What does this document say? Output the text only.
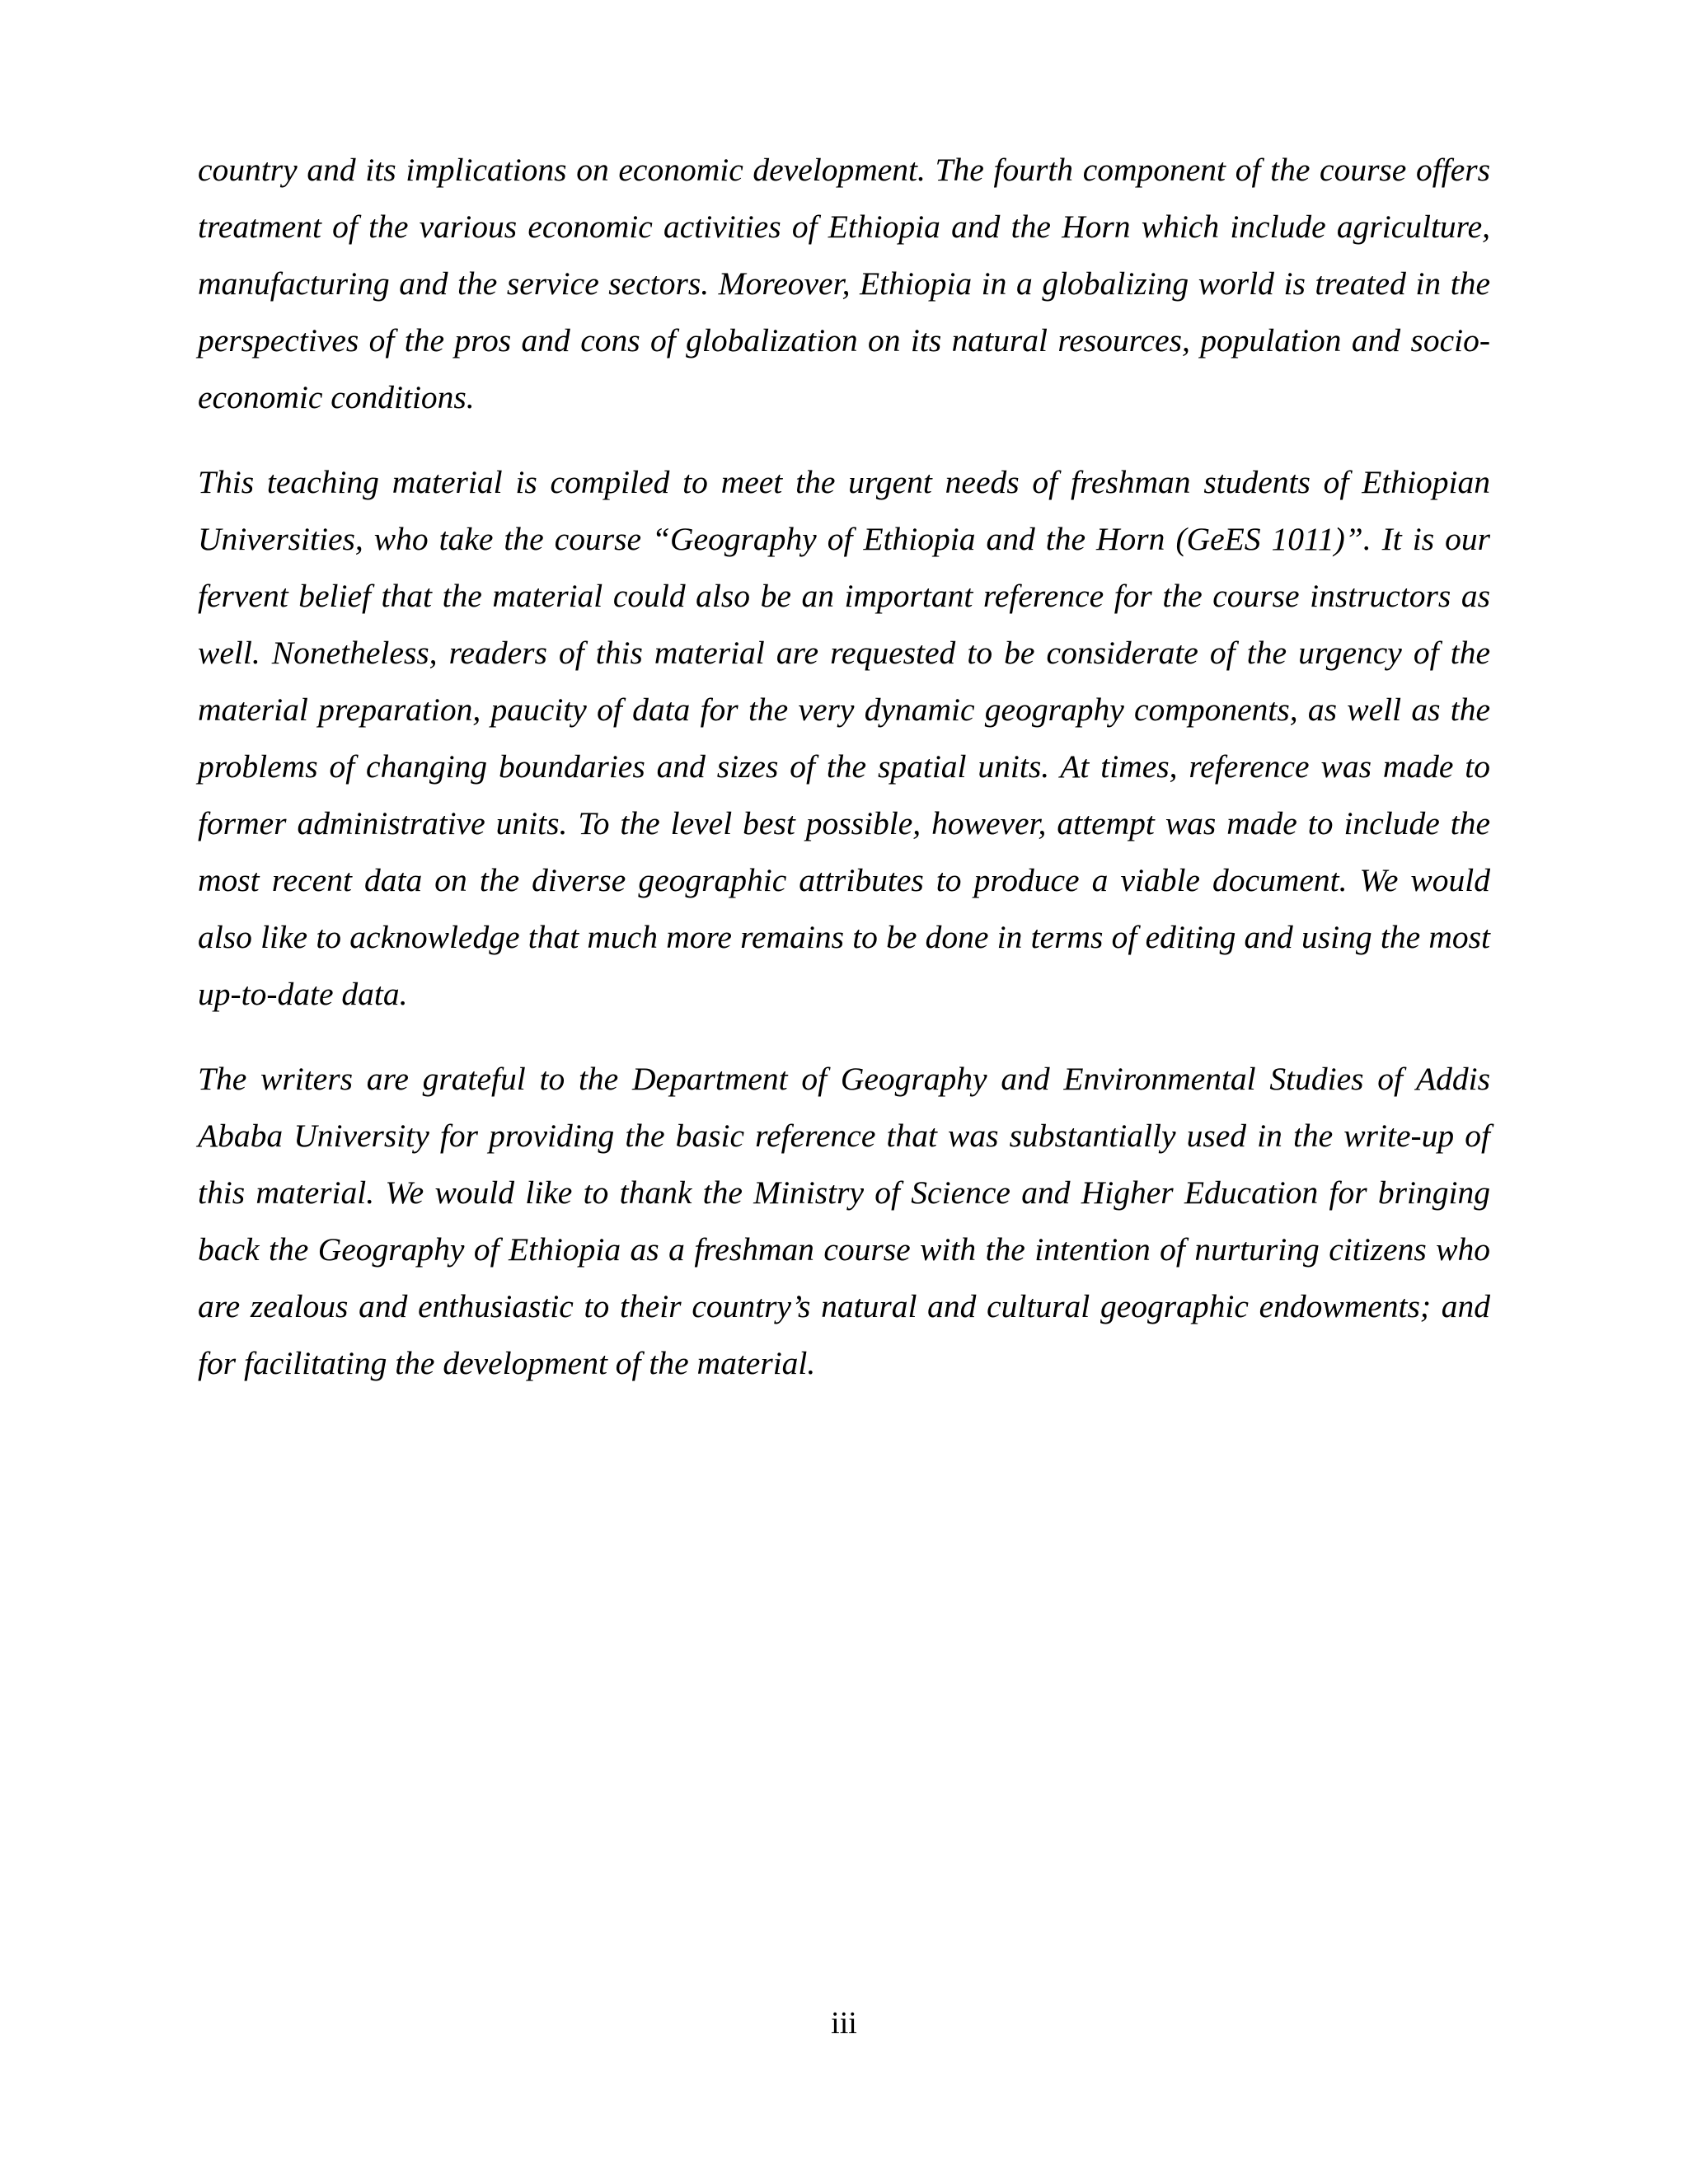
country and its implications on economic development. The fourth component of the course offers treatment of the various economic activities of Ethiopia and the Horn which include agriculture, manufacturing and the service sectors. Moreover, Ethiopia in a globalizing world is treated in the perspectives of the pros and cons of globalization on its natural resources, population and socio-economic conditions.

This teaching material is compiled to meet the urgent needs of freshman students of Ethiopian Universities, who take the course “Geography of Ethiopia and the Horn (GeES 1011)”. It is our fervent belief that the material could also be an important reference for the course instructors as well. Nonetheless, readers of this material are requested to be considerate of the urgency of the material preparation, paucity of data for the very dynamic geography components, as well as the problems of changing boundaries and sizes of the spatial units. At times, reference was made to former administrative units. To the level best possible, however, attempt was made to include the most recent data on the diverse geographic attributes to produce a viable document. We would also like to acknowledge that much more remains to be done in terms of editing and using the most up-to-date data.

The writers are grateful to the Department of Geography and Environmental Studies of Addis Ababa University for providing the basic reference that was substantially used in the write-up of this material. We would like to thank the Ministry of Science and Higher Education for bringing back the Geography of Ethiopia as a freshman course with the intention of nurturing citizens who are zealous and enthusiastic to their country’s natural and cultural geographic endowments; and for facilitating the development of the material.

iii
